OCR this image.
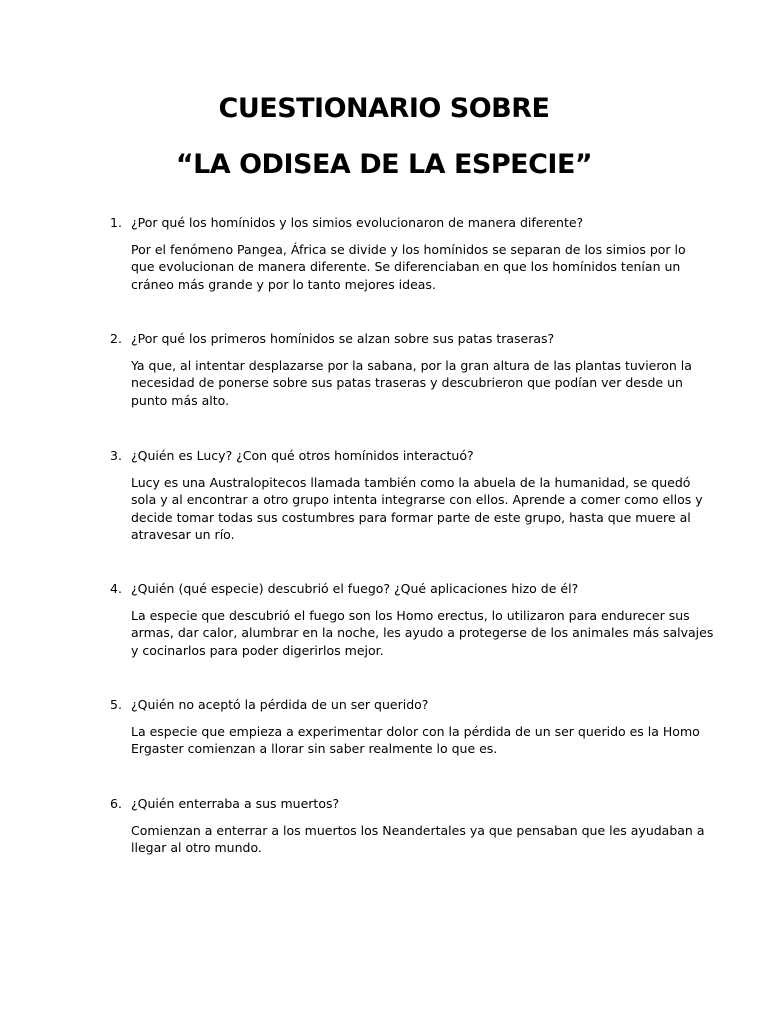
CUESTIONARIO SOBRE
“LA ODISEA DE LA ESPECIE”
1. ¿Por qué los homínidos y los simios evolucionaron de manera diferente?
Por el fenómeno Pangea, África se divide y los homínidos se separan de los simios por lo
que evolucionan de manera diferente. Se diferenciaban en que los homínidos tenían un
cráneo más grande y por lo tanto mejores ideas.
2. ¿Por qué los primeros homínidos se alzan sobre sus patas traseras?
Ya que, al intentar desplazarse por la sabana, por la gran altura de las plantas tuvieron la
necesidad de ponerse sobre sus patas traseras y descubrieron que podían ver desde un
punto más alto.
3. ¿Quién es Lucy? ¿Con qué otros homínidos interactuó?
Lucy es una Australopitecos llamada también como la abuela de la humanidad, se quedó
sola y al encontrar a otro grupo intenta integrarse con ellos. Aprende a comer como ellos y
decide tomar todas sus costumbres para formar parte de este grupo, hasta que muere al
atravesar un río.
4. ¿Quién (qué especie) descubrió el fuego? ¿Qué aplicaciones hizo de él?
La especie que descubrió el fuego son los Homo erectus, lo utilizaron para endurecer sus
armas, dar calor, alumbrar en la noche, les ayudo a protegerse de los animales más salvajes
y cocinarlos para poder digerirlos mejor.
5. ¿Quién no aceptó la pérdida de un ser querido?
La especie que empieza a experimentar dolor con la pérdida de un ser querido es la Homo
Ergaster comienzan a llorar sin saber realmente lo que es.
6. ¿Quién enterraba a sus muertos?
Comienzan a enterrar a los muertos los Neandertales ya que pensaban que les ayudaban a
llegar al otro mundo.
